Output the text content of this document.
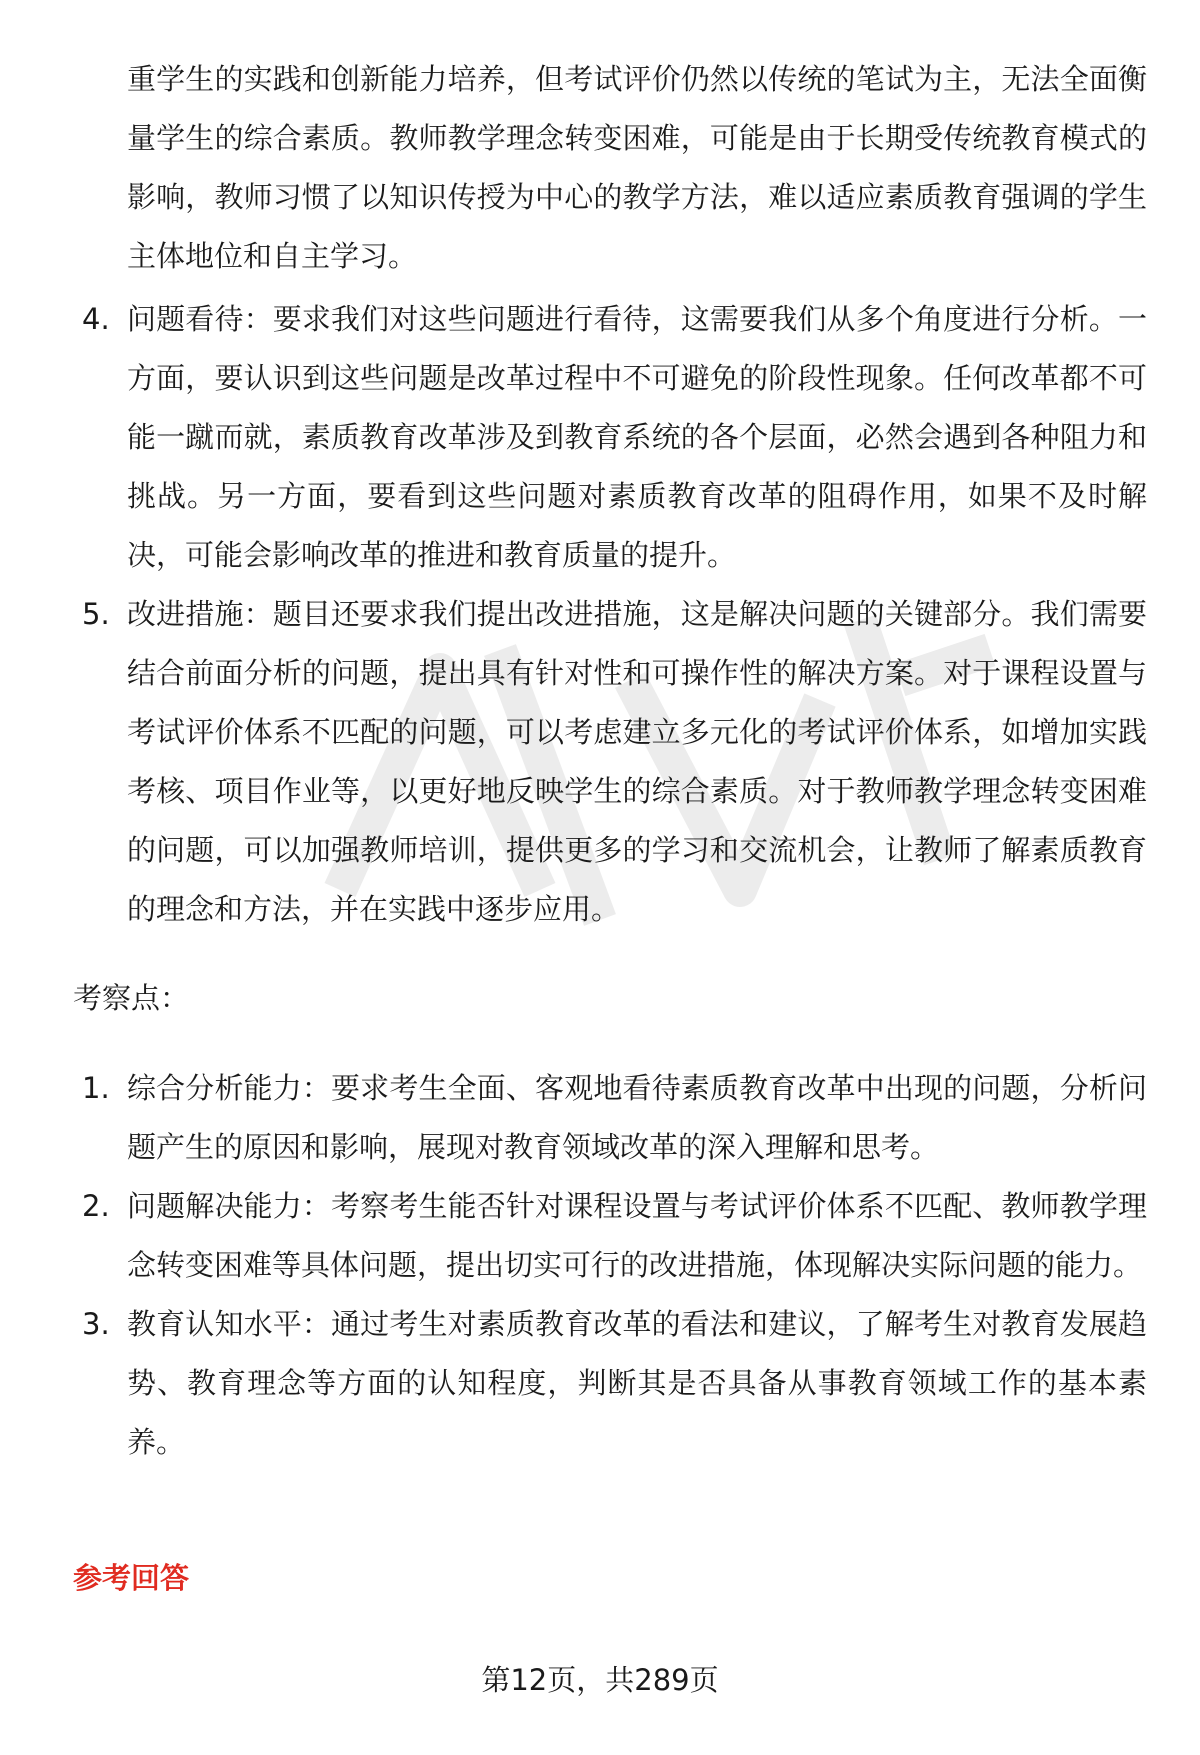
重学生的实践和创新能力培养，但考试评价仍然以传统的笔试为主，无法全面衡量学生的综合素质。教师教学理念转变困难，可能是由于长期受传统教育模式的影响，教师习惯了以知识传授为中心的教学方法，难以适应素质教育强调的学生主体地位和自主学习。

4. 问题看待：要求我们对这些问题进行看待，这需要我们从多个角度进行分析。一方面，要认识到这些问题是改革过程中不可避免的阶段性现象。任何改革都不可能一蹴而就，素质教育改革涉及到教育系统的各个层面，必然会遇到各种阻力和挑战。另一方面，要看到这些问题对素质教育改革的阻碍作用，如果不及时解决，可能会影响改革的推进和教育质量的提升。

5. 改进措施：题目还要求我们提出改进措施，这是解决问题的关键部分。我们需要结合前面分析的问题，提出具有针对性和可操作性的解决方案。对于课程设置与考试评价体系不匹配的问题，可以考虑建立多元化的考试评价体系，如增加实践考核、项目作业等，以更好地反映学生的综合素质。对于教师教学理念转变困难的问题，可以加强教师培训，提供更多的学习和交流机会，让教师了解素质教育的理念和方法，并在实践中逐步应用。

考察点：

1. 综合分析能力：要求考生全面、客观地看待素质教育改革中出现的问题，分析问题产生的原因和影响，展现对教育领域改革的深入理解和思考。

2. 问题解决能力：考察考生能否针对课程设置与考试评价体系不匹配、教师教学理念转变困难等具体问题，提出切实可行的改进措施，体现解决实际问题的能力。

3. 教育认知水平：通过考生对素质教育改革的看法和建议，了解考生对教育发展趋势、教育理念等方面的认知程度，判断其是否具备从事教育领域工作的基本素养。

参考回答

第12页，共289页
